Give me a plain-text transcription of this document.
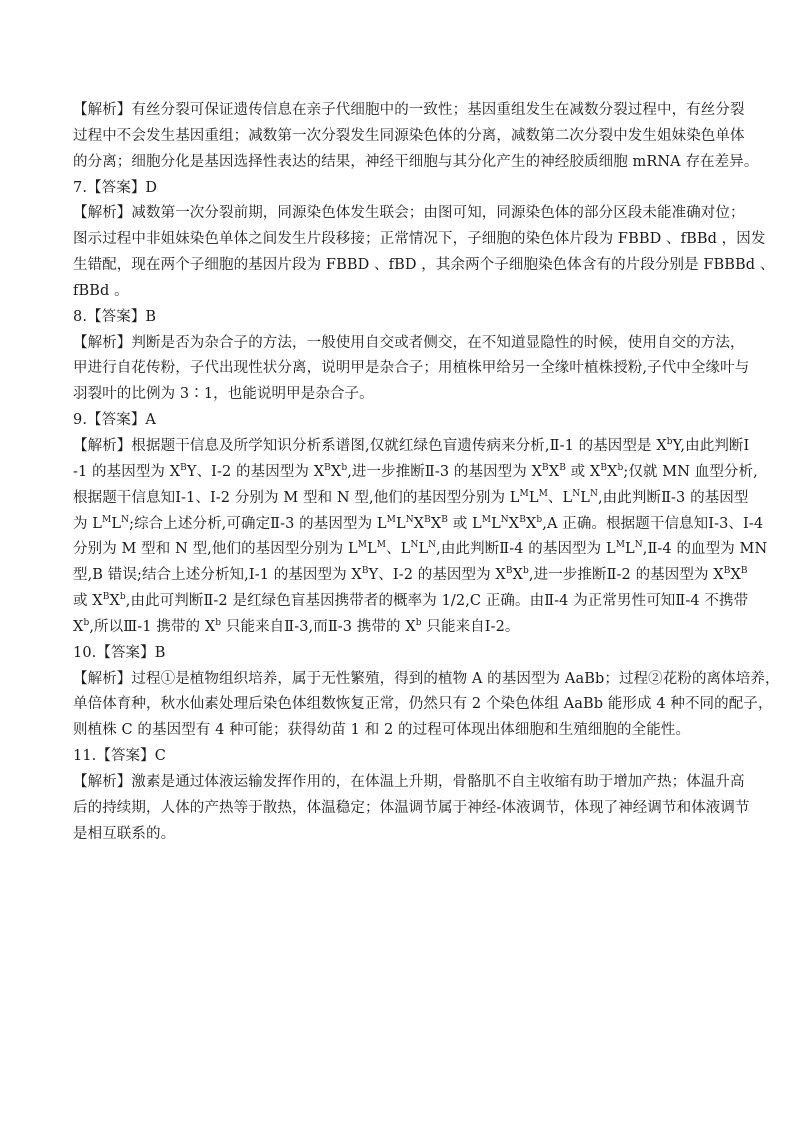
【解析】有丝分裂可保证遗传信息在亲子代细胞中的一致性；基因重组发生在减数分裂过程中，有丝分裂
过程中不会发生基因重组；减数第一次分裂发生同源染色体的分离，减数第二次分裂中发生姐妹染色单体
的分离；细胞分化是基因选择性表达的结果，神经干细胞与其分化产生的神经胶质细胞 mRNA 存在差异。
7.【答案】D
【解析】减数第一次分裂前期，同源染色体发生联会；由图可知，同源染色体的部分区段未能准确对位；
图示过程中非姐妹染色单体之间发生片段移接；正常情况下，子细胞的染色体片段为 FBBD 、fBBd ，因发
生错配，现在两个子细胞的基因片段为 FBBD 、fBD ，其余两个子细胞染色体含有的片段分别是 FBBBd 、
fBBd 。
8.【答案】B
【解析】判断是否为杂合子的方法，一般使用自交或者侧交，在不知道显隐性的时候，使用自交的方法，
甲进行自花传粉，子代出现性状分离，说明甲是杂合子；用植株甲给另一全缘叶植株授粉,子代中全缘叶与
羽裂叶的比例为 3∶1，也能说明甲是杂合子。
9.【答案】A
【解析】根据题干信息及所学知识分析系谱图,仅就红绿色盲遗传病来分析,Ⅱ-1 的基因型是 $X^bY$,由此判断Ⅰ
-1 的基因型为 $X^BY$、Ⅰ-2 的基因型为 $X^BX^b$,进一步推断Ⅱ-3 的基因型为 $X^BX^B$ 或 $X^BX^b$;仅就 MN 血型分析,
根据题干信息知Ⅰ-1、Ⅰ-2 分别为 M 型和 N 型,他们的基因型分别为 $L^ML^M$、$L^NL^N$,由此判断Ⅱ-3 的基因型
为 $L^ML^N$;综合上述分析,可确定Ⅱ-3 的基因型为 $L^ML^NX^BX^B$ 或 $L^ML^NX^BX^b,A$ 正确。根据题干信息知Ⅰ-3、Ⅰ-4
分别为 M 型和 N 型,他们的基因型分别为 $L^ML^M$、$L^NL^N$,由此判断Ⅱ-4 的基因型为 $L^ML^N,Ⅱ-4$ 的血型为 MN
型,B 错误;结合上述分析知,Ⅰ-1 的基因型为 $X^BY$、Ⅰ-2 的基因型为 $X^BX^b$,进一步推断Ⅱ-2 的基因型为 $X^BX^B$
或 $X^BX^b$,由此可判断Ⅱ-2 是红绿色盲基因携带者的概率为 1/2,C 正确。由Ⅱ-4 为正常男性可知Ⅱ-4 不携带
$X^b$,所以Ⅲ-1 携带的 $X^b$ 只能来自Ⅱ-3,而Ⅱ-3 携带的 $X^b$ 只能来自Ⅰ-2。
10.【答案】B
【解析】过程①是植物组织培养，属于无性繁殖，得到的植物 A 的基因型为 AaBb；过程②花粉的离体培养，
单倍体育种，秋水仙素处理后染色体组数恢复正常，仍然只有 2 个染色体组 AaBb 能形成 4 种不同的配子，
则植株 C 的基因型有 4 种可能；获得幼苗 1 和 2 的过程可体现出体细胞和生殖细胞的全能性。
11.【答案】C
【解析】激素是通过体液运输发挥作用的，在体温上升期，骨骼肌不自主收缩有助于增加产热；体温升高
后的持续期，人体的产热等于散热，体温稳定；体温调节属于神经-体液调节，体现了神经调节和体液调节
是相互联系的。
